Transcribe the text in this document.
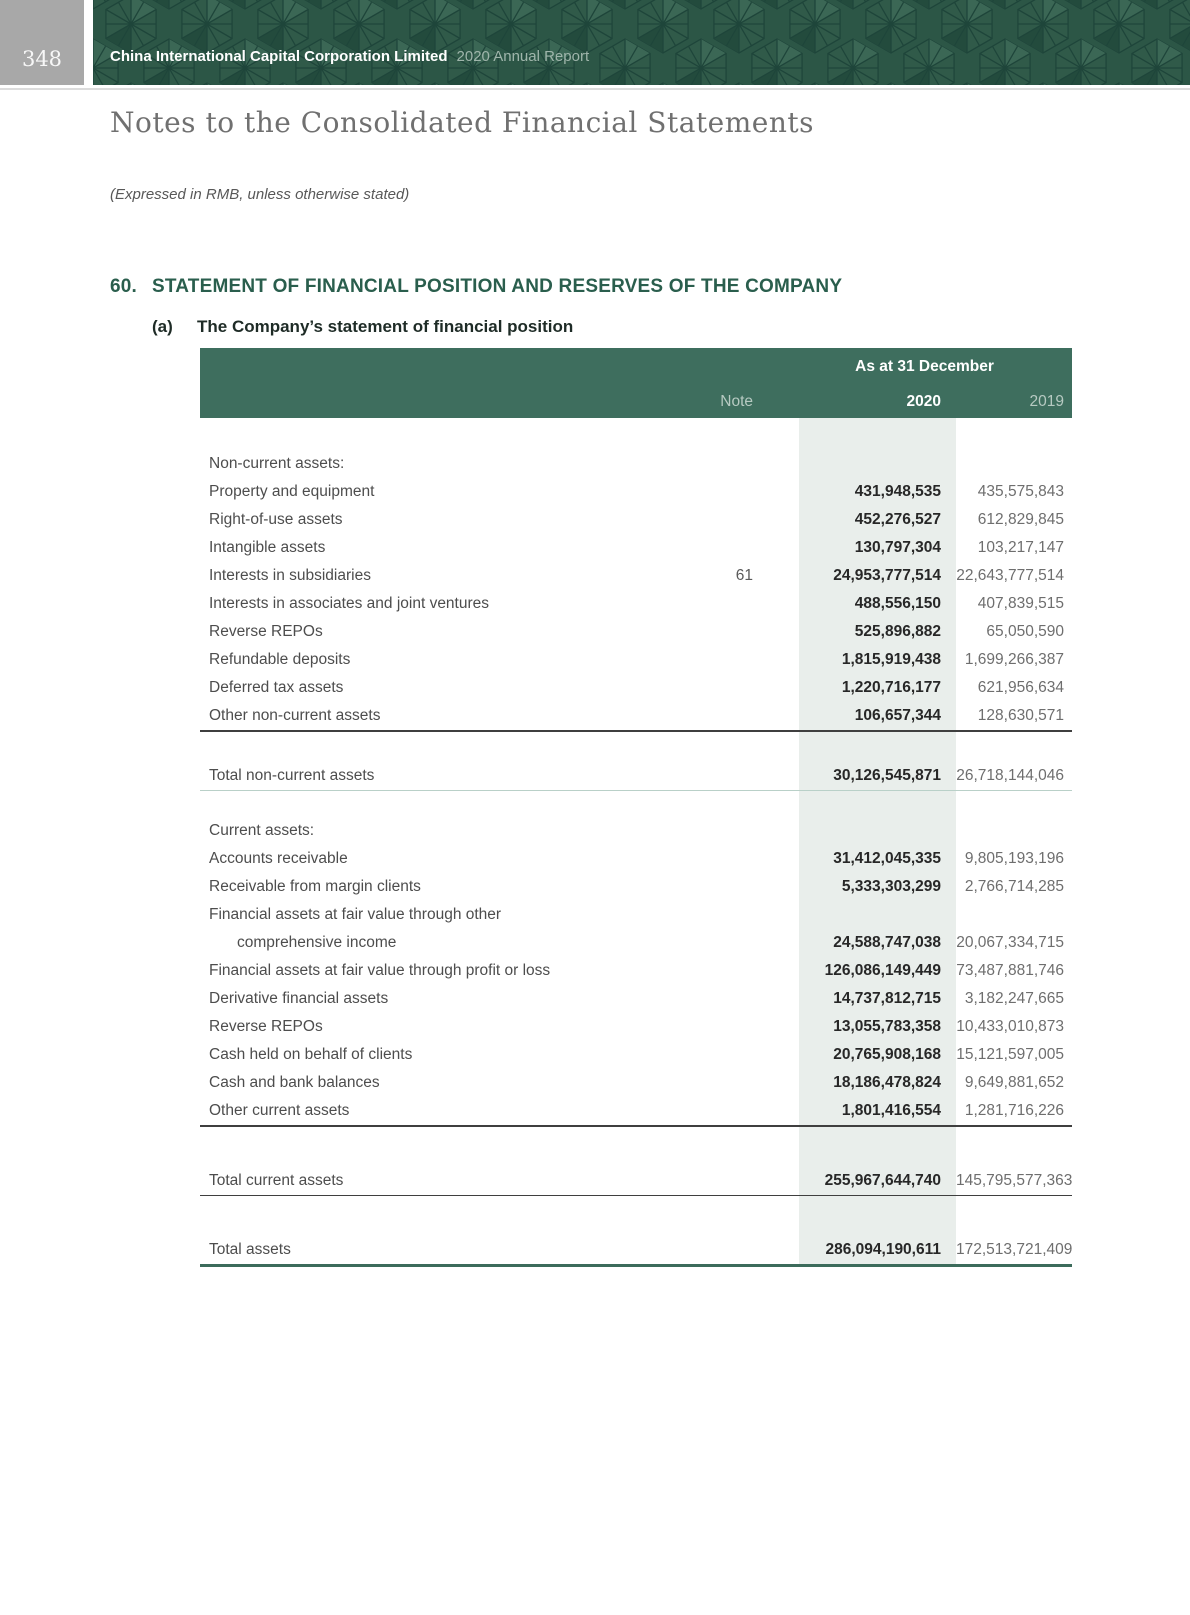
348	China International Capital Corporation Limited 2020 Annual Report
Notes to the Consolidated Financial Statements

(Expressed in RMB, unless otherwise stated)

60. STATEMENT OF FINANCIAL POSITION AND RESERVES OF THE COMPANY
(a) The Company’s statement of financial position
As at 31 December
Note	2020	2019
Non-current assets:
Property and equipment	431,948,535	435,575,843
Right-of-use assets	452,276,527	612,829,845
Intangible assets	130,797,304	103,217,147
Interests in subsidiaries	61	24,953,777,514 22,643,777,514
Interests in associates and joint ventures	488,556,150	407,839,515
Reverse REPOs	525,896,882	65,050,590
Refundable deposits	1,815,919,438	1,699,266,387
Deferred tax assets	1,220,716,177	621,956,634
Other non-current assets	106,657,344	128,630,571
Total non-current assets	30,126,545,871 26,718,144,046
Current assets:
Accounts receivable	31,412,045,335	9,805,193,196
Receivable from margin clients	5,333,303,299	2,766,714,285
Financial assets at fair value through other
comprehensive income	24,588,747,038 20,067,334,715
Financial assets at fair value through profit or loss	126,086,149,449 73,487,881,746
Derivative financial assets	14,737,812,715	3,182,247,665
Reverse REPOs	13,055,783,358 10,433,010,873
Cash held on behalf of clients	20,765,908,168 15,121,597,005
Cash and bank balances	18,186,478,824	9,649,881,652
Other current assets	1,801,416,554	1,281,716,226
Total current assets	255,967,644,740 145,795,577,363
Total assets	286,094,190,611 172,513,721,409
